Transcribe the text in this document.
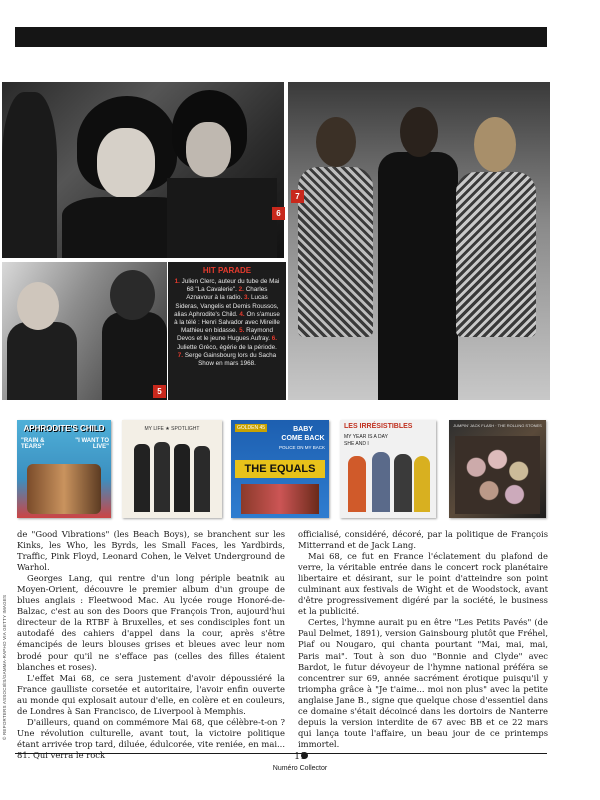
6
7
5
HIT PARADE
1. Julien Clerc, auteur du tube de Mai 68 "La Cavalerie". 2. Charles Aznavour à la radio. 3. Lucas Sideras, Vangelis et Demis Roussos, alias Aphrodite's Child. 4. On s'amuse à la télé : Henri Salvador avec Mireille Mathieu en bidasse. 5. Raymond Devos et le jeune Hugues Aufray. 6. Juliette Gréco, égérie de la période. 7. Serge Gainsbourg lors du Sacha Show en mars 1968.
APHRODITE'S CHILD
"RAIN & TEARS"
"I WANT TO LIVE"
MY LIFE ★ SPOTLIGHT	GOLDEN 45	BABY
COME BACK
POLICE ON MY BACK
THE EQUALS
LES IRRÉSISTIBLES
MY YEAR IS A DAY
SHE AND I
JUMPIN' JACK FLASH · THE ROLLING STONES

de "Good Vibrations" (les Beach Boys), se branchent sur les Kinks, les Who, les Byrds, les Small Faces, les Yardbirds, Traffic, Pink Floyd, Leonard Cohen, le Velvet Underground de Warhol.

Georges Lang, qui rentre d'un long périple beatnik au Moyen-Orient, découvre le premier album d'un groupe de blues anglais : Fleetwood Mac. Au lycée rouge Honoré-de-Balzac, c'est au son des Doors que François Tron, aujourd'hui directeur de la RTBF à Bruxelles, et ses condisciples font un autodafé des cahiers d'appel dans la cour, après s'être émancipés de leurs blouses grises et bleues avec leur nom brodé pour qu'il ne s'efface pas (celles des filles étaient blanches et roses).

L'effet Mai 68, ce sera justement d'avoir dépoussiéré la France gaulliste corsetée et autoritaire, l'avoir enfin ouverte au monde qui explosait autour d'elle, en colère et en couleurs, de Londres à San Francisco, de Liverpool à Memphis.

D'ailleurs, quand on commémore Mai 68, que célèbre-t-on ? Une révolution culturelle, avant tout, la victoire politique étant arrivée trop tard, diluée, édulcorée, vite reniée, en mai... 81. Qui verra le rock

officialisé, considéré, décoré, par la politique de François Mitterrand et de Jack Lang.

Mai 68, ce fut en France l'éclatement du plafond de verre, la véritable entrée dans le concert rock planétaire libertaire et désirant, sur le point d'atteindre son point culminant aux festivals de Wight et de Woodstock, avant d'être progressivement digéré par la société, le business et la publicité.

Certes, l'hymne aurait pu en être "Les Petits Pavés" (de Paul Delmet, 1891), version Gainsbourg plutôt que Fréhel, Piaf ou Nougaro, qui chanta pourtant "Mai, mai, mai, Paris mai". Tout à son duo "Bonnie and Clyde" avec Bardot, le futur dévoyeur de l'hymne national préféra se concentrer sur 69, année sacrément érotique puisqu'il y triompha grâce à "Je t'aime... moi non plus" avec la petite anglaise Jane B., signe que quelque chose d'essentiel dans ce domaine s'était décoincé dans les dortoirs de Nanterre depuis la version interdite de 67 avec BB et ce 22 mars qui lança toute l'affaire, un beau jour de ce printemps immortel.

© REPORTERS ASSOCIÉS/GAMMA-RAPHO VIA GETTY IMAGES
11
Numéro Collector
